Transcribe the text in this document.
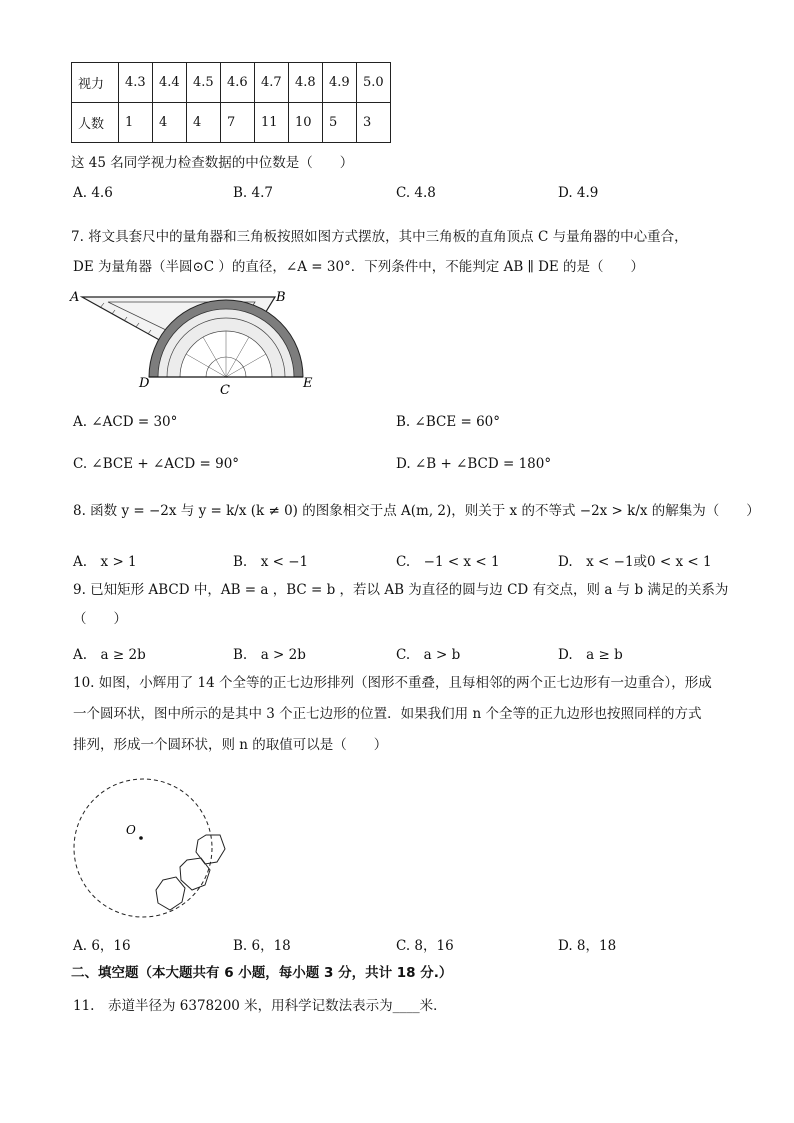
视力	4.3	4.4	4.5	4.6	4.7	4.8	4.9	5.0
人数	1	4	4	7	11	10	5	3
这 45 名同学视力检查数据的中位数是（　　）
A. 4.6	B. 4.7	C. 4.8	D. 4.9
7. 将文具套尺中的量角器和三角板按照如图方式摆放，其中三角板的直角顶点 C 与量角器的中心重合，
DE 为量角器（半圆⊙C ）的直径，∠A = 30°．下列条件中，不能判定 AB ∥ DE 的是（　　）
A	B
C
D	E
A. ∠ACD = 30°	B. ∠BCE = 60°
C. ∠BCE + ∠ACD = 90°	D. ∠B + ∠BCD = 180°
8. 函数 y = −2x 与 y = k/x (k ≠ 0) 的图象相交于点 A(m, 2)，则关于 x 的不等式 −2x > k/x 的解集为（　　）
A.　x > 1	B.　x < −1	C.　−1 < x < 1	D.　x < −1或0 < x < 1
9. 已知矩形 ABCD 中，AB = a ，BC = b ，若以 AB 为直径的圆与边 CD 有交点，则 a 与 b 满足的关系为
（　　）
A.　a ≥ 2b	B.　a > 2b	C.　a > b	D.　a ≥ b
10. 如图，小辉用了 14 个全等的正七边形排列（图形不重叠，且每相邻的两个正七边形有一边重合），形成
一个圆环状，图中所示的是其中 3 个正七边形的位置．如果我们用 n 个全等的正九边形也按照同样的方式
排列，形成一个圆环状，则 n 的取值可以是（　　）
O
A. 6，16	B. 6，18	C. 8，16	D. 8，18
二、填空题（本大题共有 6 小题，每小题 3 分，共计 18 分.）
11.　赤道半径为 6378200 米，用科学记数法表示为____米．
